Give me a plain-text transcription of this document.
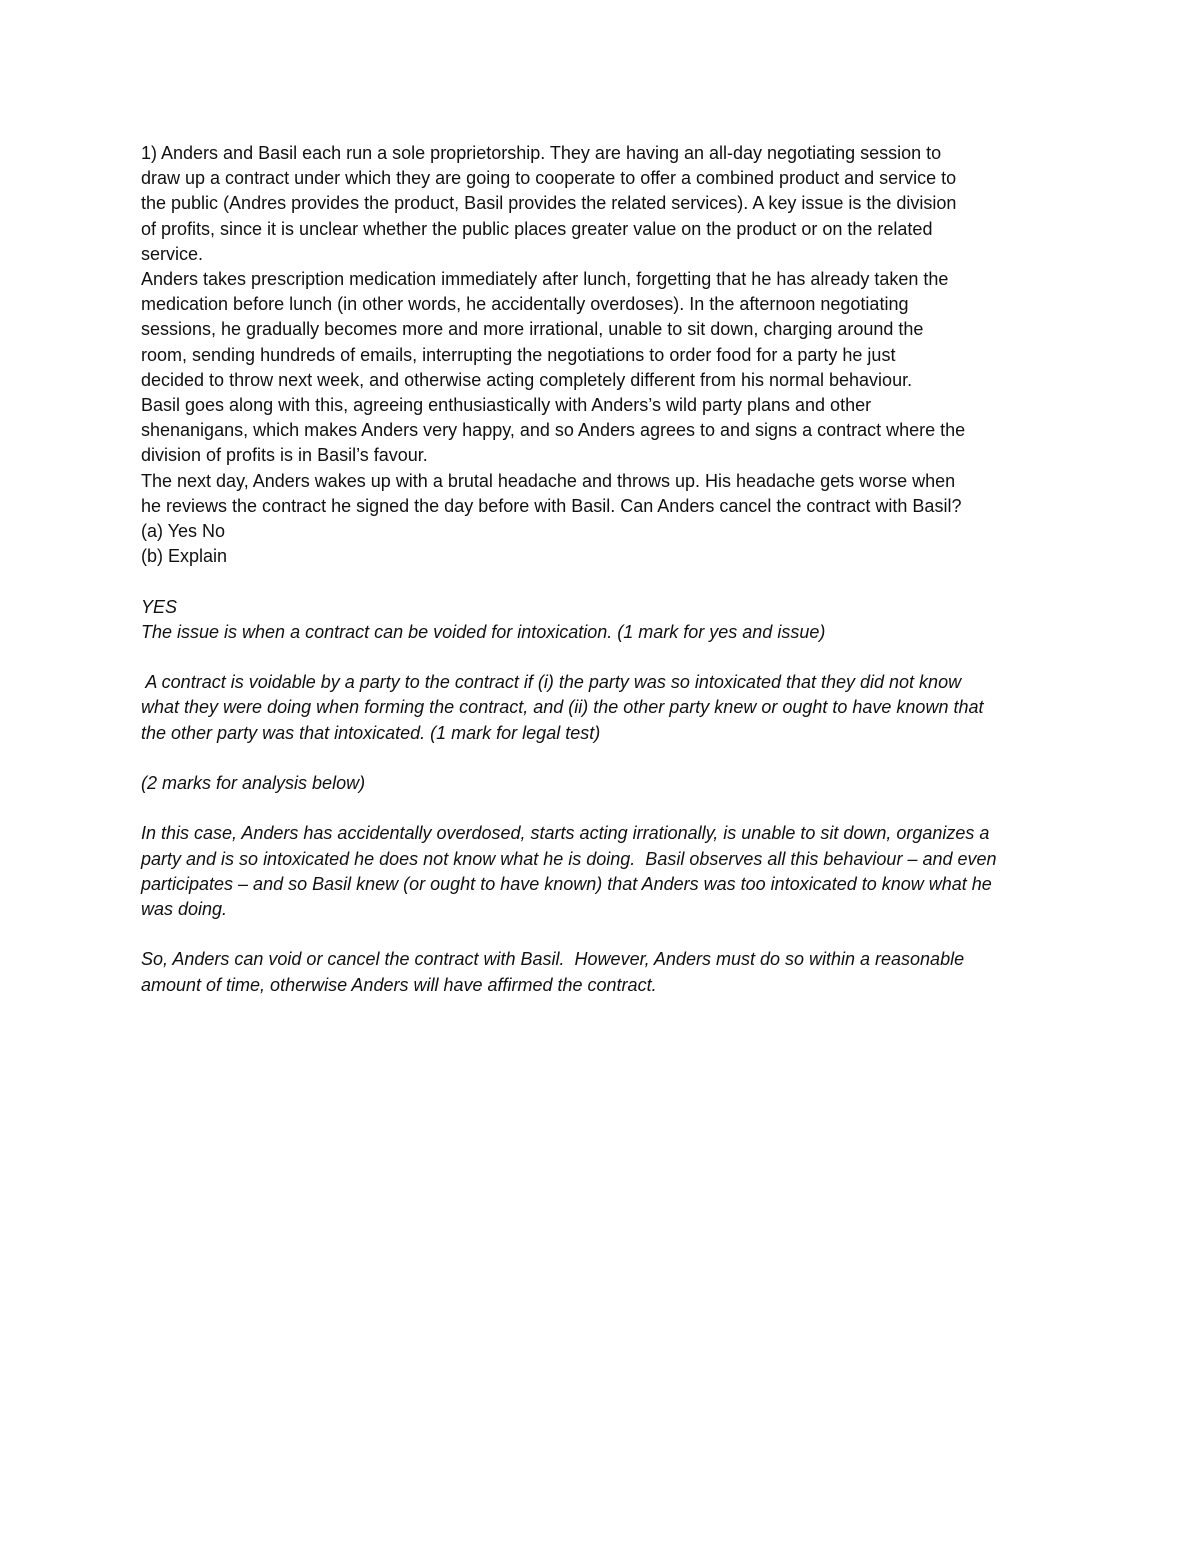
1) Anders and Basil each run a sole proprietorship. They are having an all-day negotiating session to
draw up a contract under which they are going to cooperate to offer a combined product and service to
the public (Andres provides the product, Basil provides the related services). A key issue is the division
of profits, since it is unclear whether the public places greater value on the product or on the related
service.
Anders takes prescription medication immediately after lunch, forgetting that he has already taken the
medication before lunch (in other words, he accidentally overdoses). In the afternoon negotiating
sessions, he gradually becomes more and more irrational, unable to sit down, charging around the
room, sending hundreds of emails, interrupting the negotiations to order food for a party he just
decided to throw next week, and otherwise acting completely different from his normal behaviour.
Basil goes along with this, agreeing enthusiastically with Anders’s wild party plans and other
shenanigans, which makes Anders very happy, and so Anders agrees to and signs a contract where the
division of profits is in Basil’s favour.
The next day, Anders wakes up with a brutal headache and throws up. His headache gets worse when
he reviews the contract he signed the day before with Basil. Can Anders cancel the contract with Basil?
(a) Yes No
(b) Explain
YES
The issue is when a contract can be voided for intoxication. (1 mark for yes and issue)
A contract is voidable by a party to the contract if (i) the party was so intoxicated that they did not know
what they were doing when forming the contract, and (ii) the other party knew or ought to have known that
the other party was that intoxicated. (1 mark for legal test)
(2 marks for analysis below)
In this case, Anders has accidentally overdosed, starts acting irrationally, is unable to sit down, organizes a
party and is so intoxicated he does not know what he is doing.  Basil observes all this behaviour – and even
participates – and so Basil knew (or ought to have known) that Anders was too intoxicated to know what he
was doing.
So, Anders can void or cancel the contract with Basil.  However, Anders must do so within a reasonable
amount of time, otherwise Anders will have affirmed the contract.
